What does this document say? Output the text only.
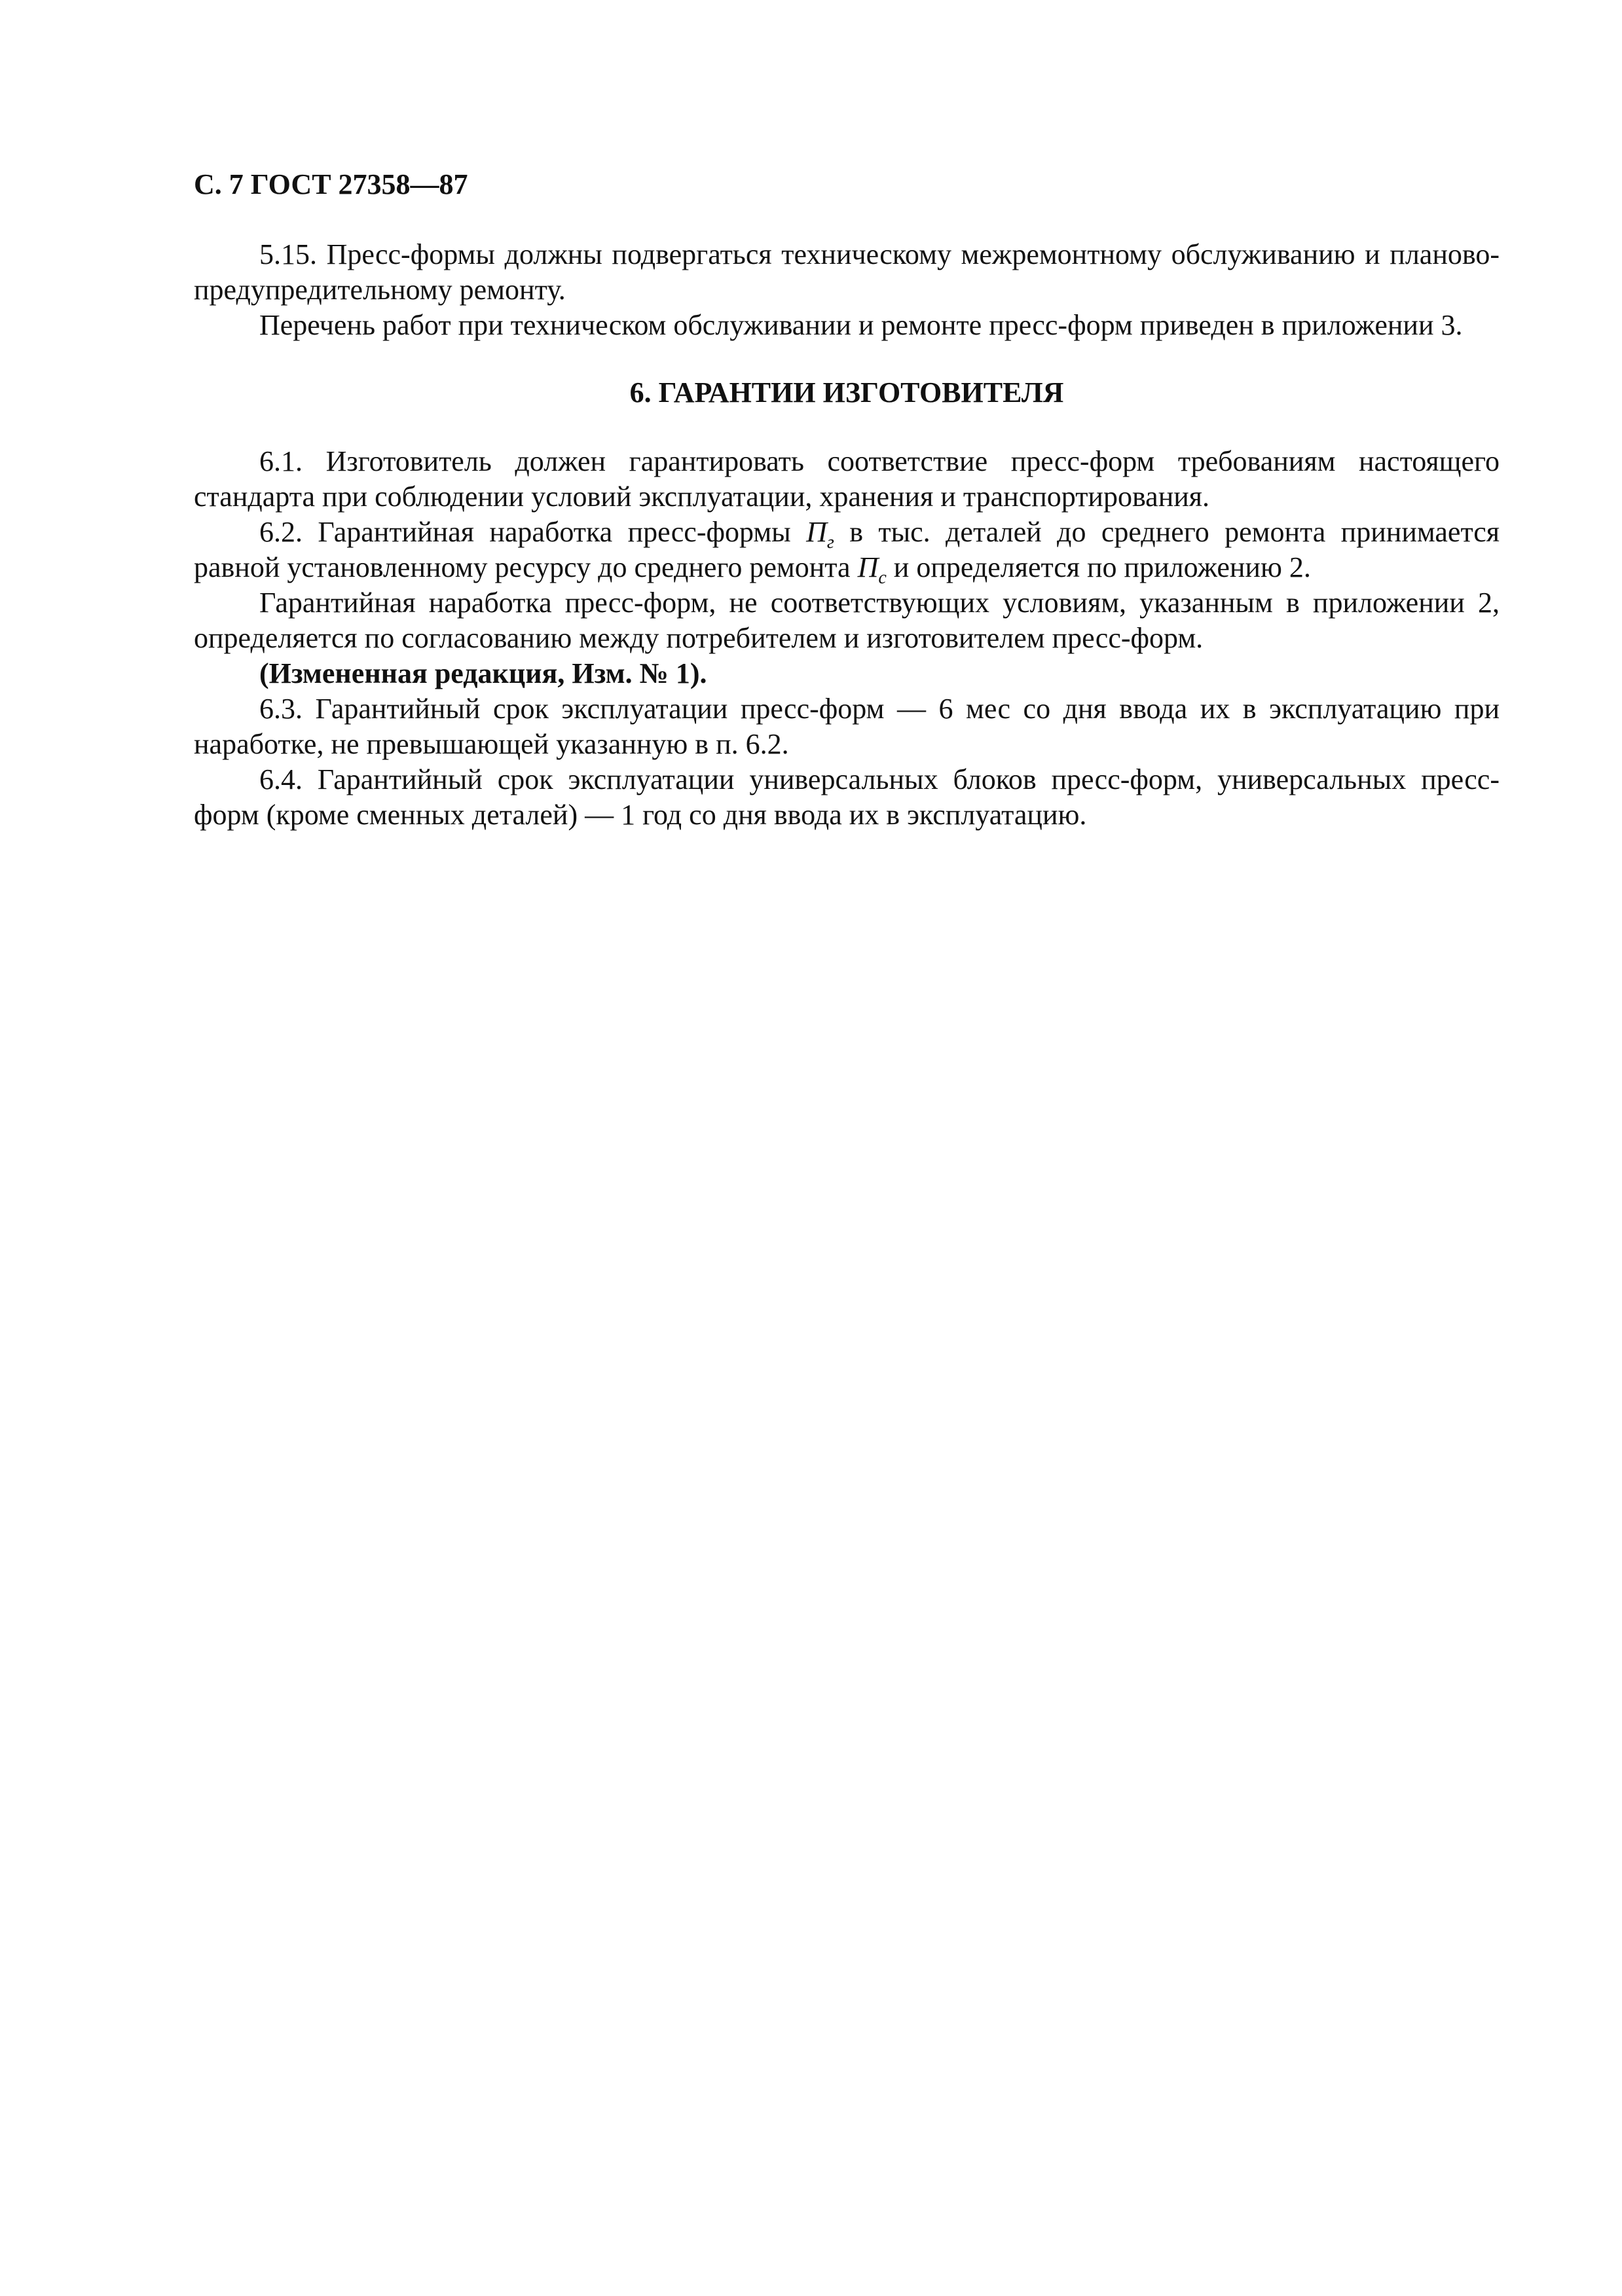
С. 7 ГОСТ 27358—87

5.15. Пресс-формы должны подвергаться техническому межремонтному обслуживанию и планово-предупредительному ремонту.

Перечень работ при техническом обслуживании и ремонте пресс-форм приведен в приложении 3.

6. ГАРАНТИИ ИЗГОТОВИТЕЛЯ

6.1. Изготовитель должен гарантировать соответствие пресс-форм требованиям настоящего стандарта при соблюдении условий эксплуатации, хранения и транспортирования.

6.2. Гарантийная наработка пресс-формы $П_г$ в тыс. деталей до среднего ремонта принимается равной установленному ресурсу до среднего ремонта $П_с$ и определяется по приложению 2.

Гарантийная наработка пресс-форм, не соответствующих условиям, указанным в приложении 2, определяется по согласованию между потребителем и изготовителем пресс-форм.

(Измененная редакция, Изм. № 1).

6.3. Гарантийный срок эксплуатации пресс-форм — 6 мес со дня ввода их в эксплуатацию при наработке, не превышающей указанную в п. 6.2.

6.4. Гарантийный срок эксплуатации универсальных блоков пресс-форм, универсальных пресс-форм (кроме сменных деталей) — 1 год со дня ввода их в эксплуатацию.
